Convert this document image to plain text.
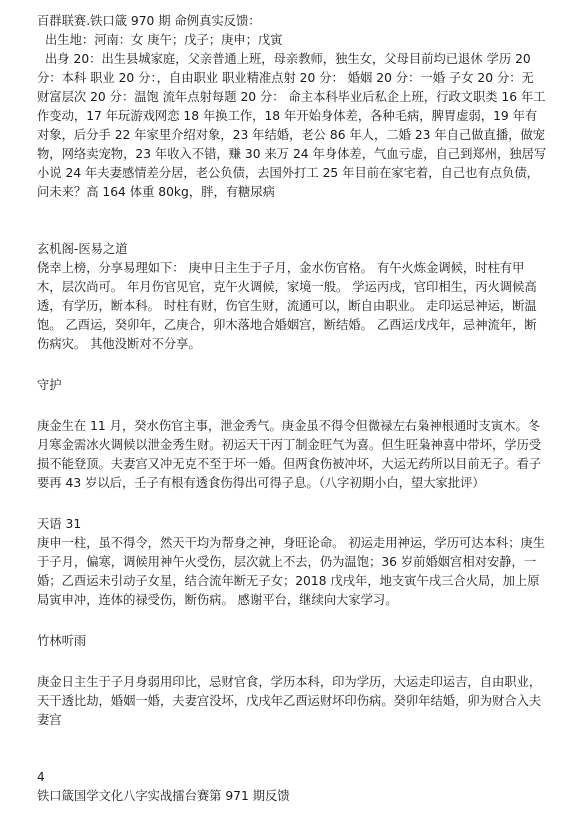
百群联赛.铁口箴 970 期 命例真实反馈：

出生地：河南：女 庚午；戊子；庚申；戊寅

出身 20：出生县城家庭，父亲普通上班，母亲教师，独生女，父母目前均已退休 学历 20 分：本科 职业 20 分：，自由职业 职业精准点射 20 分： 婚姻 20 分：一婚 子女 20 分：无 财富层次 20 分：温饱 流年点射每题 20 分： 命主本科毕业后私企上班，行政文职类 16 年工作变动，17 年玩游戏网恋 18 年换工作，18 年开始身体差，各种毛病，脾胃虚弱，19 年有对象，后分手 22 年家里介绍对象，23 年结婚，老公 86 年人，二婚 23 年自己做直播，做宠物，网络卖宠物，23 年收入不错，赚 30 来万 24 年身体差，气血亏虚，自己到郑州，独居写小说 24 年夫妻感情差分居，老公负债，去国外打工 25 年目前在家宅着，自己也有点负债，问未来？高 164 体重 80kg，胖，有糖尿病

玄机阁-医易之道

侥幸上榜，分享易理如下： 庚申日主生于子月，金水伤官格。 有午火炼金调候，时柱有甲木，层次尚可。 年月伤官见官，克午火调候，家境一般。 学运丙戌，官印相生，丙火调候高透，有学历，断本科。 时柱有财，伤官生财，流通可以，断自由职业。 走印运忌神运，断温饱。 乙酉运，癸卯年，乙庚合，卯木落地合婚姻宫，断结婚。 乙酉运戊戌年，忌神流年，断伤病灾。 其他没断对不分享。

守护

庚金生在 11 月，癸水伤官主事，泄金秀气。庚金虽不得令但微禄左右枭神根通时支寅木。冬月寒金需冰火调候以泄金秀生财。初运天干丙丁制金旺气为喜。但生旺枭神喜中带坏，学历受损不能登顶。夫妻宫又冲无克不至于坏一婚。但两食伤被冲坏，大运无药所以目前无子。看子要再 43 岁以后，壬子有根有透食伤得出可得子息。（八字初期小白，望大家批评）

天语 31

庚申一柱，虽不得令，然天干均为帮身之神，身旺论命。 初运走用神运，学历可达本科；庚生于子月，偏寒，调候用神午火受伤，层次就上不去，仍为温饱；36 岁前婚姻宫相对安静，一婚；乙酉运未引动子女星，结合流年断无子女；2018 戊戌年，地支寅午戌三合火局，加上原局寅申冲，连体的禄受伤，断伤病。 感谢平台，继续向大家学习。

竹林听雨

庚金日主生于子月身弱用印比，忌财官食，学历本科，印为学历，大运走印运吉，自由职业，天干透比劫，婚姻一婚，夫妻宫没坏，戊戌年乙酉运财坏印伤病。癸卯年结婚，卯为财合入夫妻宫

4

铁口箴国学文化八字实战擂台赛第 971 期反馈
